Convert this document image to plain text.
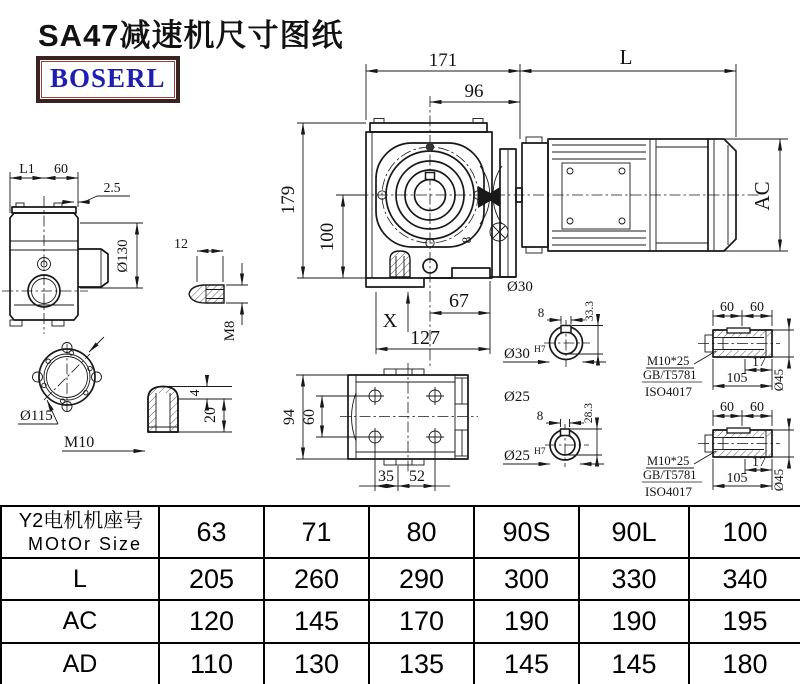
SA47减速机尺寸图纸
BOSERL
171	L
96
8
179
100
X
67
127
Ø30
AC
L1 60
2.5
Ø130
Ø115
12
M8
4
20
M10
94 60
35 52
8	33.3
Ø30 H7
Ø25
8	28.3
Ø25 H7
60 60
17
105 Ø45
M10*25
GB/T5781
ISO4017
Y2电机机座号
MOtOr Size	63	71	80	90S	90L	100
L	205	260	290	300	330	340
AC	120	145	170	190	190	195
AD	110	130	135	145	145	180
